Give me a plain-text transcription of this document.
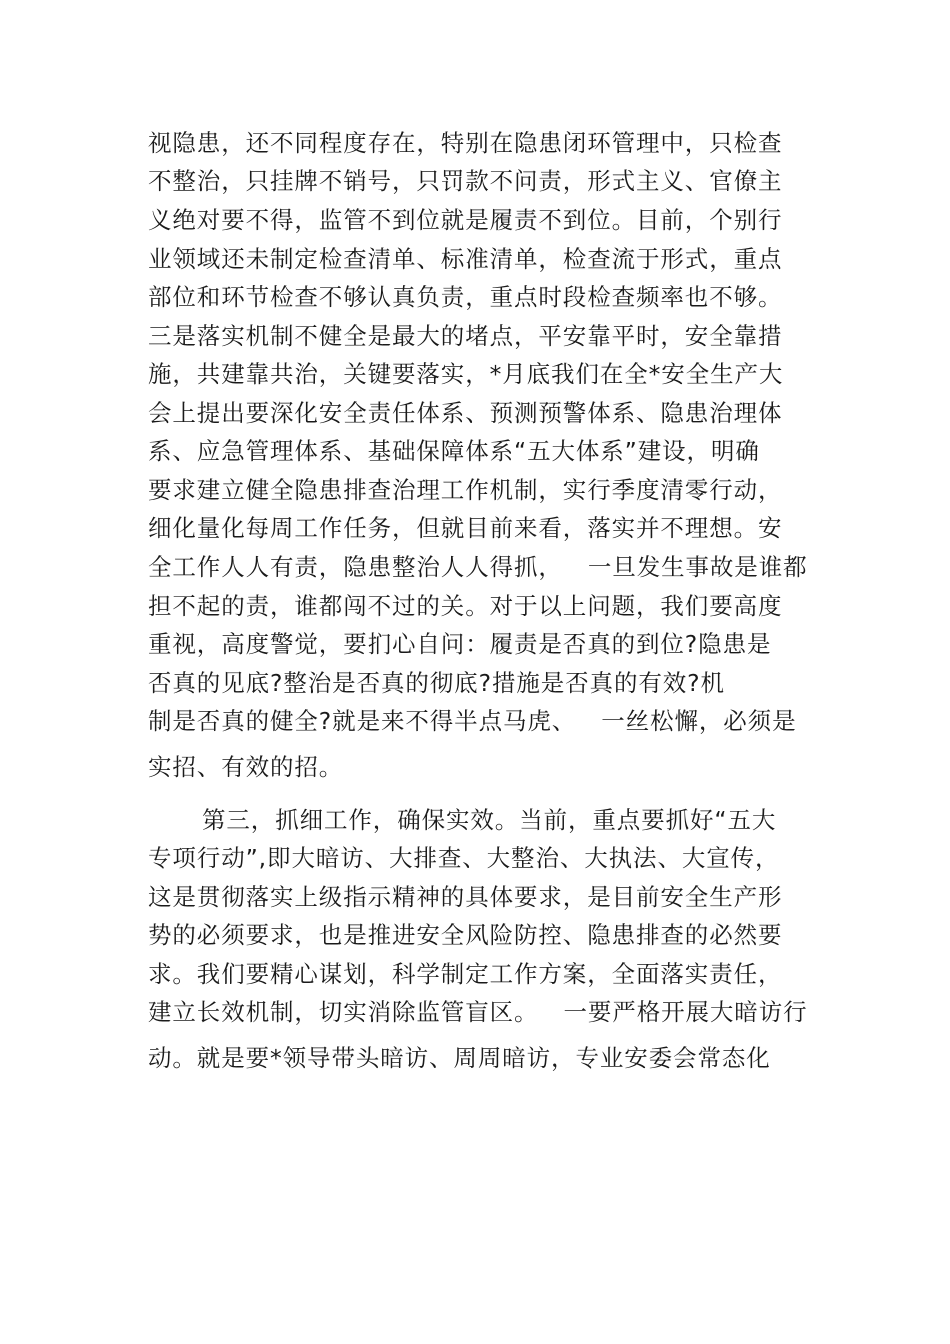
视隐患，还不同程度存在，特别在隐患闭环管理中，只检查
不整治，只挂牌不销号，只罚款不问责，形式主义、官僚主
义绝对要不得，监管不到位就是履责不到位。目前，个别行
业领域还未制定检查清单、标准清单，检查流于形式，重点
部位和环节检查不够认真负责，重点时段检查频率也不够。
三是落实机制不健全是最大的堵点，平安靠平时，安全靠措
施，共建靠共治，关键要落实，*月底我们在全*安全生产大
会上提出要深化安全责任体系、预测预警体系、隐患治理体
系、应急管理体系、基础保障体系“五大体系”建设，明确
要求建立健全隐患排查治理工作机制，实行季度清零行动，
细化量化每周工作任务，但就目前来看，落实并不理想。安
全工作人人有责，隐患整治人人得抓，   一旦发生事故是谁都
担不起的责，谁都闯不过的关。对于以上问题，我们要高度
重视，高度警觉，要扪心自问：履责是否真的到位?隐患是
否真的见底?整治是否真的彻底?措施是否真的有效?机
制是否真的健全?就是来不得半点马虎、   一丝松懈，必须是
实招、有效的招。
第三，抓细工作，确保实效。当前，重点要抓好“五大
专项行动”,即大暗访、大排查、大整治、大执法、大宣传，
这是贯彻落实上级指示精神的具体要求，是目前安全生产形
势的必须要求，也是推进安全风险防控、隐患排查的必然要
求。我们要精心谋划，科学制定工作方案，全面落实责任，
建立长效机制，切实消除监管盲区。   一要严格开展大暗访行
动。就是要*领导带头暗访、周周暗访，专业安委会常态化
